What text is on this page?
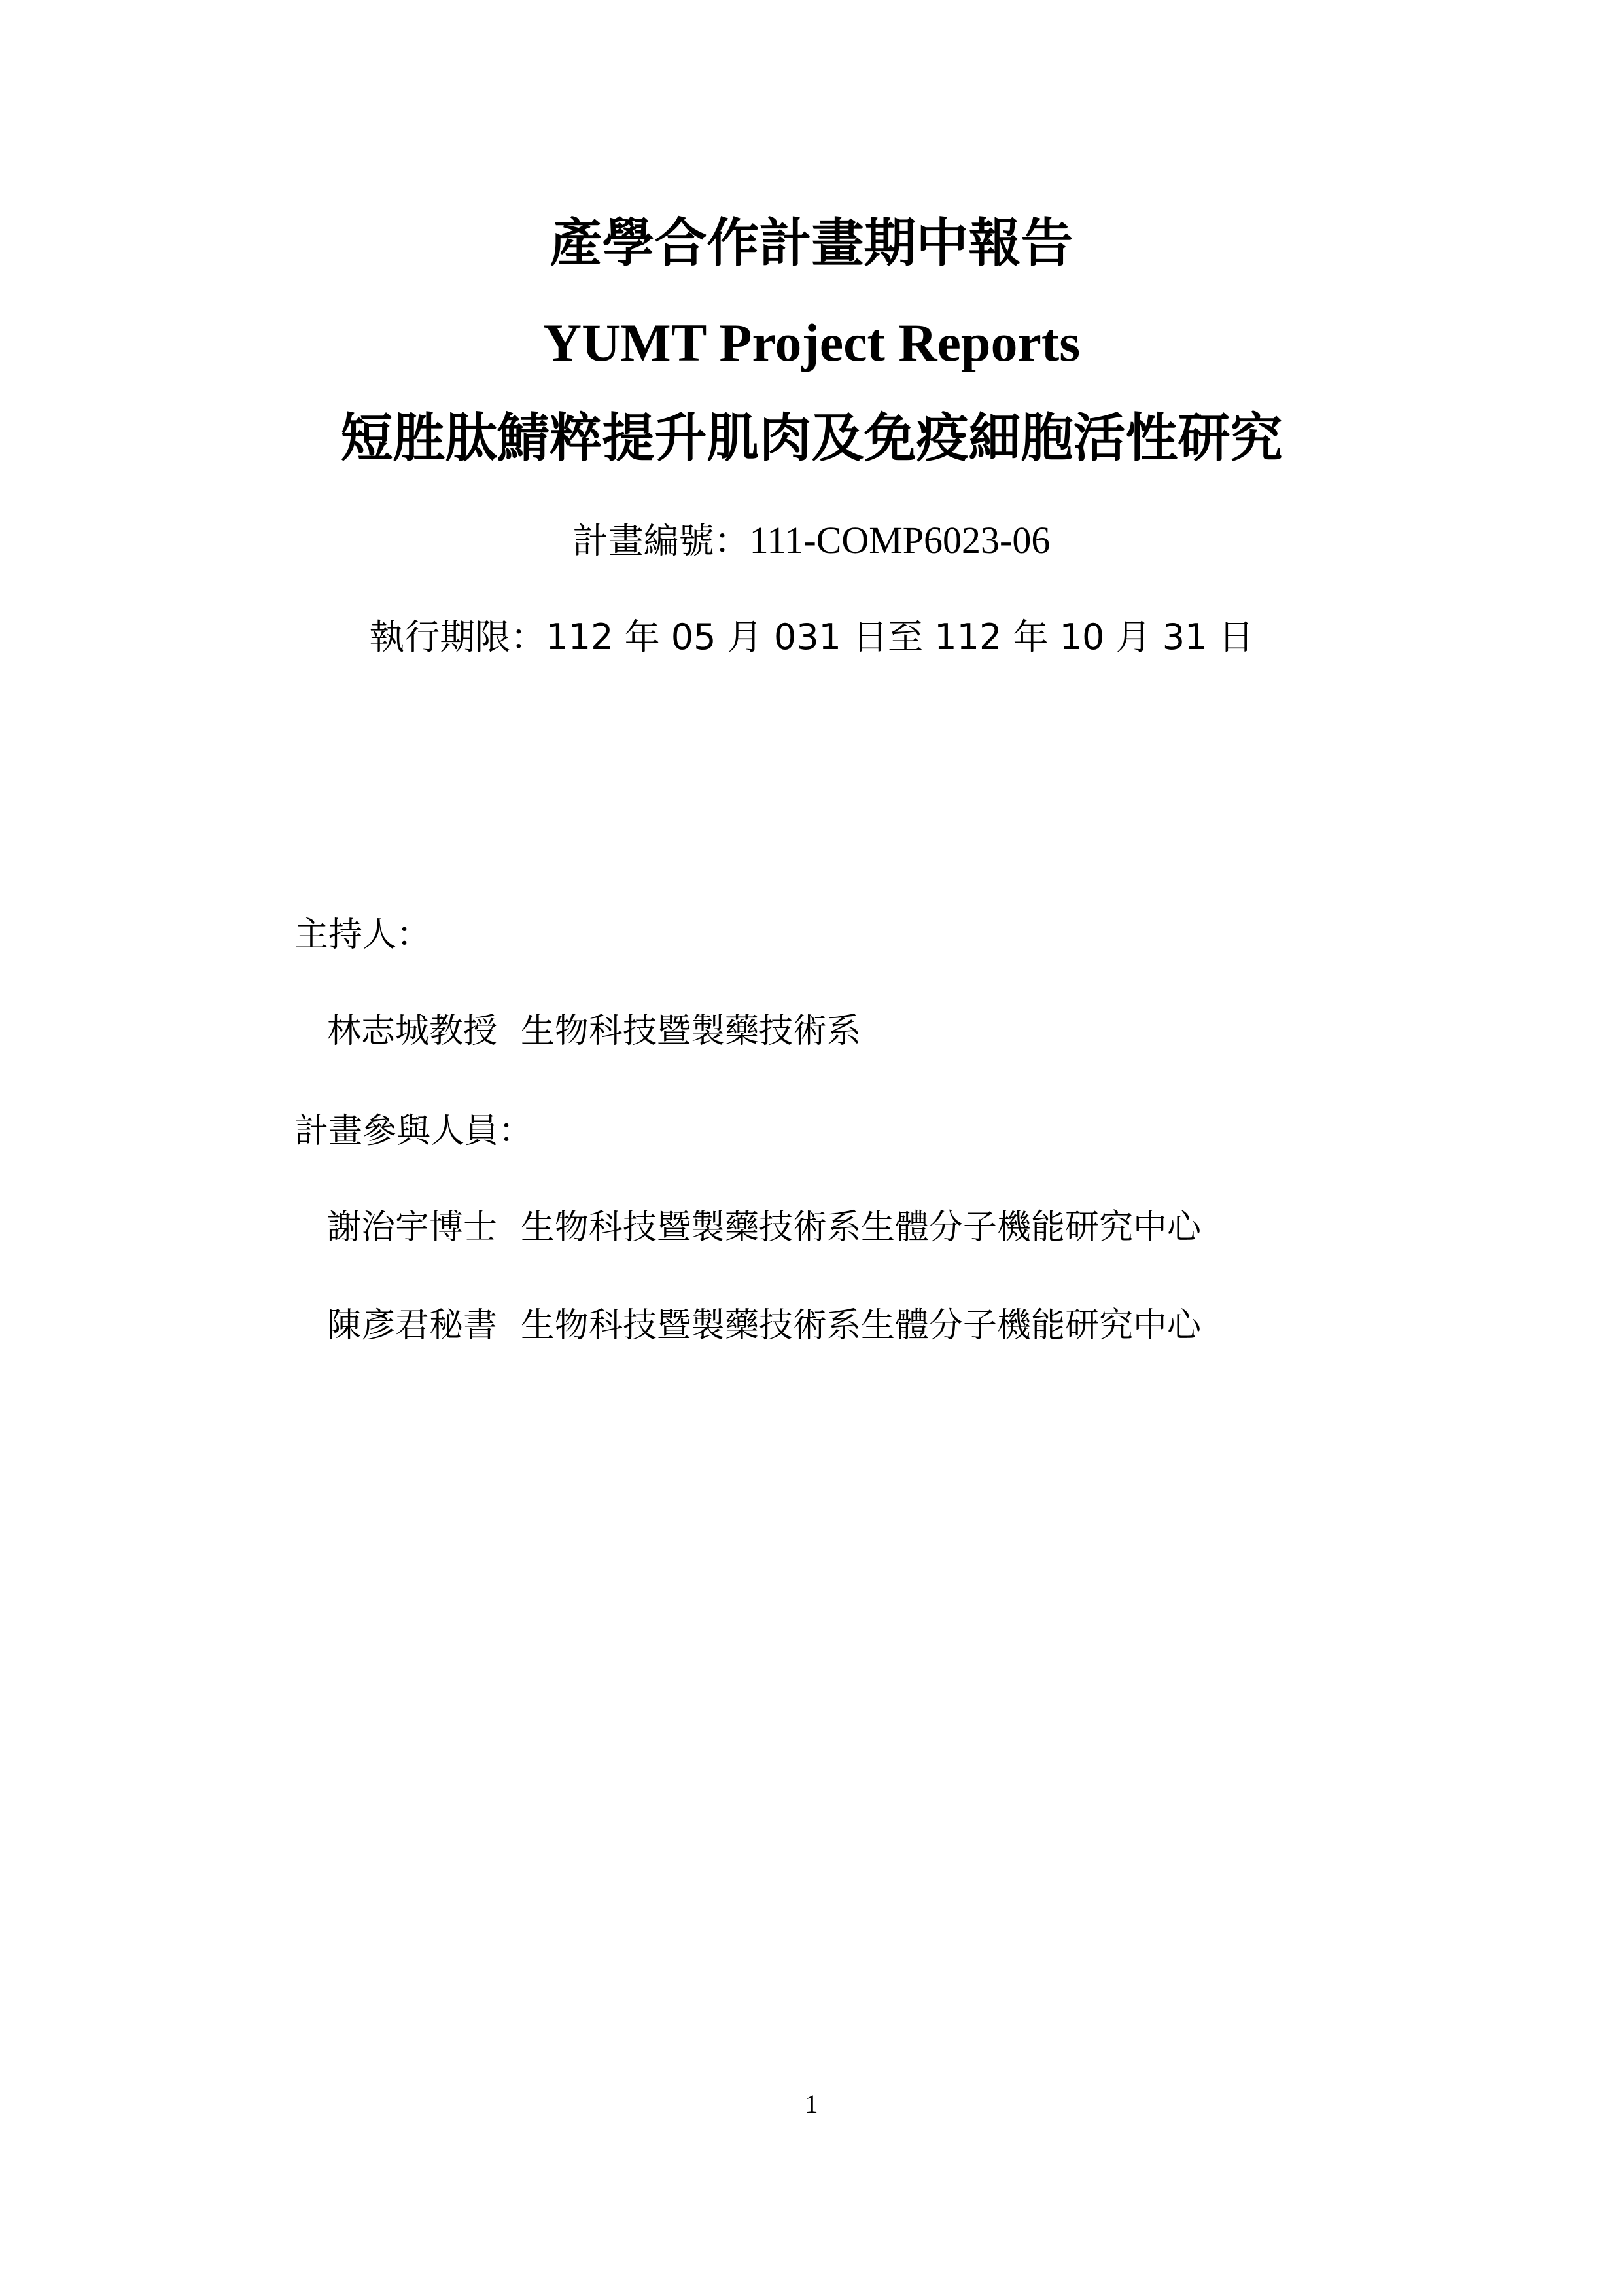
產學合作計畫期中報告
YUMT Project Reports
短胜肽鯖粹提升肌肉及免疫細胞活性研究
計畫編號：111-COMP6023-06
執行期限：112 年 05 月 031 日至 112 年 10 月 31 日
主持人：
林志城教授 生物科技暨製藥技術系
計畫參與人員：
謝治宇博士 生物科技暨製藥技術系生體分子機能研究中心
陳彥君秘書 生物科技暨製藥技術系生體分子機能研究中心
1
